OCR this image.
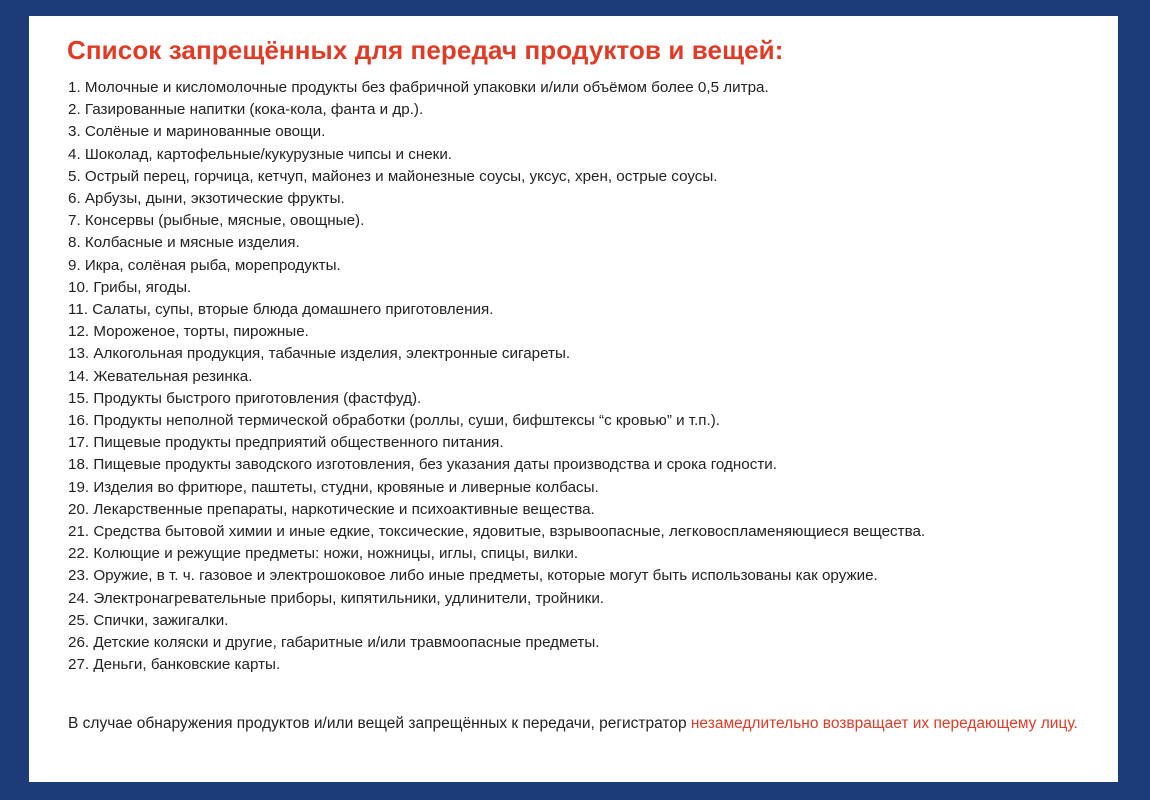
Список запрещённых для передач продуктов и вещей:
1. Молочные и кисломолочные продукты без фабричной упаковки и/или объёмом более 0,5 литра.
2. Газированные напитки (кока-кола, фанта и др.).
3. Солёные и маринованные овощи.
4. Шоколад, картофельные/кукурузные чипсы и снеки.
5. Острый перец, горчица, кетчуп, майонез и майонезные соусы, уксус, хрен, острые соусы.
6. Арбузы, дыни, экзотические фрукты.
7. Консервы (рыбные, мясные, овощные).
8. Колбасные и мясные изделия.
9. Икра, солёная рыба, морепродукты.
10. Грибы, ягоды.
11. Салаты, супы, вторые блюда домашнего приготовления.
12. Мороженое, торты, пирожные.
13. Алкогольная продукция, табачные изделия, электронные сигареты.
14. Жевательная резинка.
15. Продукты быстрого приготовления (фастфуд).
16. Продукты неполной термической обработки (роллы, суши, бифштексы “с кровью” и т.п.).
17. Пищевые продукты предприятий общественного питания.
18. Пищевые продукты заводского изготовления, без указания даты производства и срока годности.
19. Изделия во фритюре, паштеты, студни, кровяные и ливерные колбасы.
20. Лекарственные препараты, наркотические и психоактивные вещества.
21. Средства бытовой химии и иные едкие, токсические, ядовитые, взрывоопасные, легковоспламеняющиеся вещества.
22. Колющие и режущие предметы: ножи, ножницы, иглы, спицы, вилки.
23. Оружие, в т. ч. газовое и электрошоковое либо иные предметы, которые могут быть использованы как оружие.
24. Электронагревательные приборы, кипятильники, удлинители, тройники.
25. Спички, зажигалки.
26. Детские коляски и другие, габаритные и/или травмоопасные предметы.
27. Деньги, банковские карты.

В случае обнаружения продуктов и/или вещей запрещённых к передачи, регистратор незамедлительно возвращает их передающему лицу.
